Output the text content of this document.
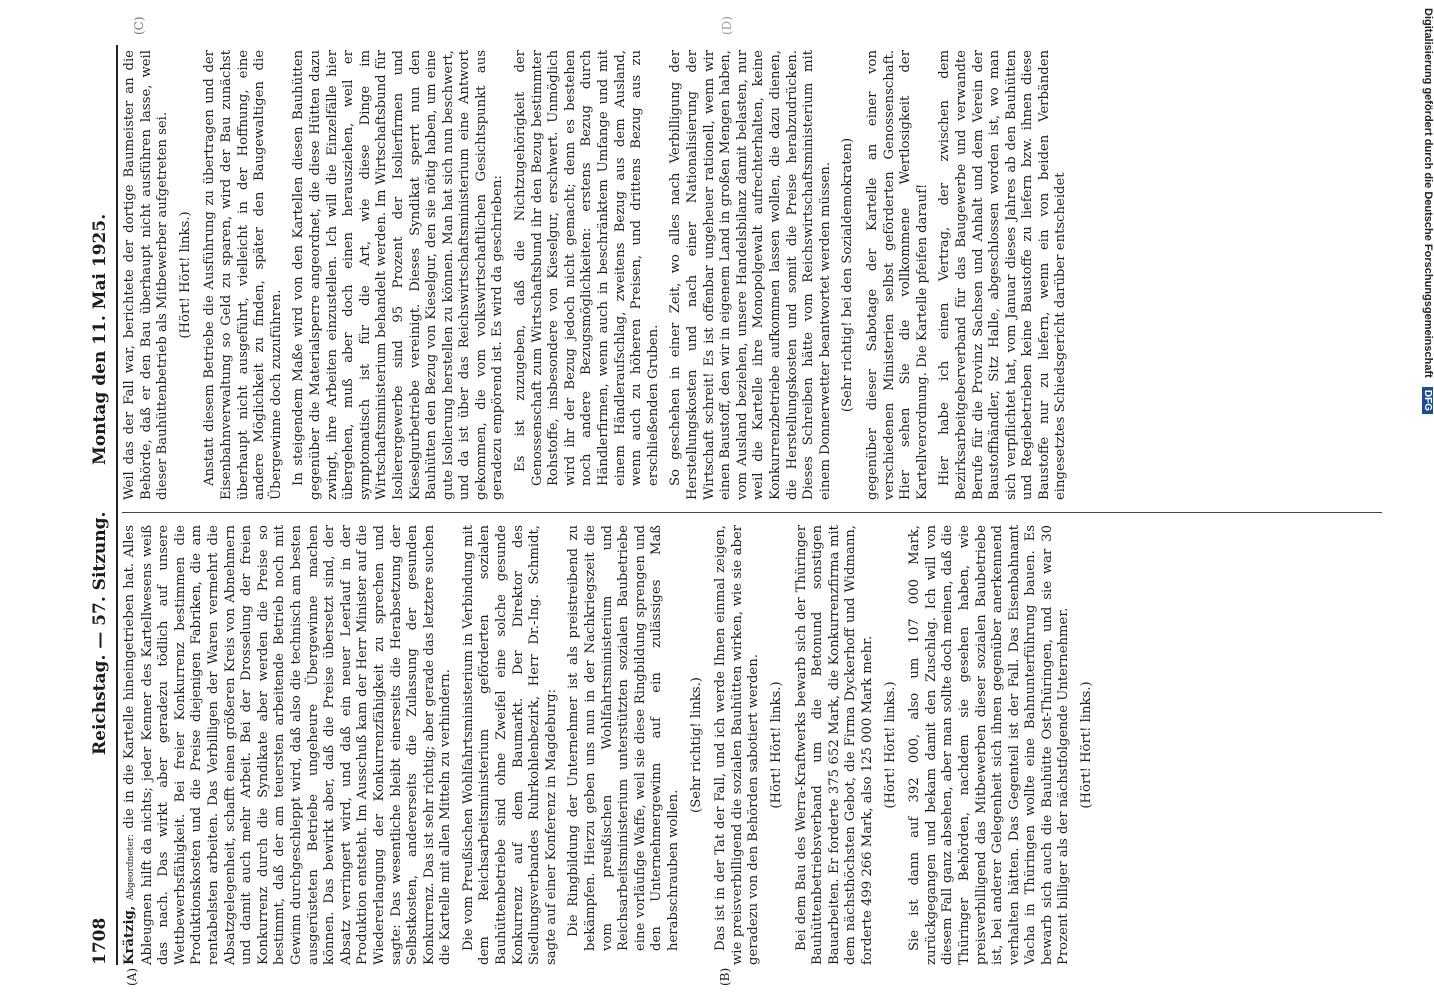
1708
Reichstag. — 57. Sitzung.
Montag den 11. Mai 1925.
(A)	(B)
(C)	(D)

Krätzig, Abgeordneter: die in die Kartelle hineingetrieben hat. Alles Ableugnen hilft da nichts; jeder Kenner des Kartellwesens weiß das nach. Das wirkt aber geradezu tödlich auf unsere Wettbewerbsfähigkeit. Bei freier Konkurrenz bestimmen die Produktionskosten und die Preise diejenigen Fabriken, die am rentabelsten arbeiten. Das Verbilligen der Waren vermehrt die Absatzgelegenheit, schafft einen größeren Kreis von Abnehmern und damit auch mehr Arbeit. Bei der Drosselung der freien Konkurrenz durch die Syndikate aber werden die Preise so bestimmt, daß der am teuersten arbeitende Betrieb noch mit Gewinn durchgeschleppt wird, daß also die technisch am besten ausgerüsteten Betriebe ungeheure Übergewinne machen können. Das bewirkt aber, daß die Preise übersetzt sind, der Absatz verringert wird, und daß ein neuer Leerlauf in der Produktion entsteht. Im Ausschuß kam der Herr Minister auf die Wiedererlangung der Konkurrenzfähigkeit zu sprechen und sagte: Das wesentliche bleibt einerseits die Herabsetzung der Selbstkosten, andererseits die Zulassung der gesunden Konkurrenz. Das ist sehr richtig; aber gerade das letztere suchen die Kartelle mit allen Mitteln zu verhindern. Die vom Preußischen Wohlfahrtsministerium in Verbindung mit dem Reichsarbeitsministerium geförderten sozialen Bauhüttenbetriebe sind ohne Zweifel eine solche gesunde Konkurrenz auf dem Baumarkt. Der Direktor des Siedlungsverbandes Ruhrkohlenbezirk, Herr Dr.-Ing. Schmidt, sagte auf einer Konferenz in Magdeburg: Die Ringbildung der Unternehmer ist als preistreibend zu bekämpfen. Hierzu geben uns nun in der Nachkriegszeit die vom preußischen Wohlfahrtsministerium und Reichsarbeitsministerium unterstützten sozialen Baubetriebe eine vorläufige Waffe, weil sie diese Ringbildung sprengen und den Unternehmergewinn auf ein zulässiges Maß herabschrauben wollen.

(Sehr richtig! links.) Das ist in der Tat der Fall, und ich werde Ihnen einmal zeigen, wie preisverbilligend die sozialen Bauhütten wirken, wie sie aber geradezu von den Behörden sabotiert werden. (Hört! Hört! links.) Bei dem Bau des Werra-Kraftwerks bewarb sich der Thüringer Bauhüttenbetriebsverband um die Betonund sonstigen Bauarbeiten. Er forderte 375 652 Mark, die Konkurrenzfirma mit dem nächsthöchsten Gebot, die Firma Dyckerhoff und Widmann, forderte 499 266 Mark, also 125 000 Mark mehr. (Hört! Hört! links.) Sie ist dann auf 392 000, also um 107 000 Mark, zurückgegangen und bekam damit den Zuschlag. Ich will von diesem Fall ganz absehen, aber man sollte doch meinen, daß die Thüringer Behörden, nachdem sie gesehen haben, wie preisverbilligend das Mitbewerben dieser sozialen Baubetriebe ist, bei anderer Gelegenheit sich ihnen gegenüber anerkennend verhalten hätten. Das Gegenteil ist der Fall. Das Eisenbahnamt Vacha in Thüringen wollte eine Bahnunterführung bauen. Es bewarb sich auch die Bauhütte Ost-Thüringen, und sie war 30 Prozent billiger als der nächstfolgende Unternehmer. (Hört! Hört! links.)

Weil das der Fall war, berichtete der dortige Baumeister an die Behörde, daß er den Bau überhaupt nicht ausführen lasse, weil dieser Bauhüttenbetrieb als Mitbewerber aufgetreten sei. (Hört! Hört! links.) Anstatt diesem Betriebe die Ausführung zu übertragen und der Eisenbahnverwaltung so Geld zu sparen, wird der Bau zunächst überhaupt nicht ausgeführt, vielleicht in der Hoffnung, eine andere Möglichkeit zu finden, später den Baugewaltigen die Übergewinne doch zuzuführen. In steigendem Maße wird von den Kartellen diesen Bauhütten gegenüber die Materialsperre angeordnet, die diese Hütten dazu zwingt, ihre Arbeiten einzustellen. Ich will die Einzelfälle hier übergehen, muß aber doch einen herausziehen, weil er symptomatisch ist für die Art, wie diese Dinge im Wirtschaftsministerium behandelt werden. Im Wirtschaftsbund für Isolierergewerbe sind 95 Prozent der Isolierfirmen und Kieselgurbetriebe vereinigt. Dieses Syndikat sperrt nun den Bauhütten den Bezug von Kieselgur, den sie nötig haben, um eine gute Isolierung herstellen zu können. Man hat sich nun beschwert, und da ist über das Reichswirtschaftsministerium eine Antwort gekommen, die vom volkswirtschaftlichen Gesichtspunkt aus geradezu empörend ist. Es wird da geschrieben: Es ist zuzugeben, daß die Nichtzugehörigkeit der Genossenschaft zum Wirtschaftsbund ihr den Bezug bestimmter Rohstoffe, insbesondere von Kieselgur, erschwert. Unmöglich wird ihr der Bezug jedoch nicht gemacht; denn es bestehen noch andere Bezugsmöglichkeiten: erstens Bezug durch Händlerfirmen, wenn auch in beschränktem Umfange und mit einem Händleraufschlag, zweitens Bezug aus dem Ausland, wenn auch zu höheren Preisen, und drittens Bezug aus zu erschließenden Gruben. So geschehen in einer Zeit, wo alles nach Verbilligung der Herstellungskosten und nach einer Nationalisierung der Wirtschaft schreit! Es ist offenbar ungeheuer rationell, wenn wir einen Baustoff, den wir in eigenem Land in großen Mengen haben, vom Ausland beziehen, unsere Handelsbilanz damit belasten, nur weil die Kartelle ihre Monopolgewalt aufrechterhalten, keine Konkurrenzbetriebe aufkommen lassen wollen, die dazu dienen, die Herstellungskosten und somit die Preise herabzudrücken. Dieses Schreiben hätte vom Reichswirtschaftsministerium mit einem Donnerwetter beantwortet werden müssen. (Sehr richtig! bei den Sozialdemokraten) gegenüber dieser Sabotage der Kartelle an einer von verschiedenen Ministerien selbst geförderten Genossenschaft. Hier sehen Sie die vollkommene Wertlosigkeit der Kartellverordnung. Die Kartelle pfeifen darauf! Hier habe ich einen Vertrag, der zwischen dem Bezirksarbeitgeberverband für das Baugewerbe und verwandte Berufe für die Provinz Sachsen und Anhalt und dem Verein der Baustoffhändler, Sitz Halle, abgeschlossen worden ist, wo man sich verpflichtet hat, vom Januar dieses Jahres ab den Bauhütten und Regiebetrieben keine Baustoffe zu liefern bzw. ihnen diese Baustoffe nur zu liefern, wenn ein von beiden Verbänden eingesetztes Schiedsgericht darüber entscheidet	Digitalisierung gefördert durch die Deutsche Forschungsgemeinschaft DFG
